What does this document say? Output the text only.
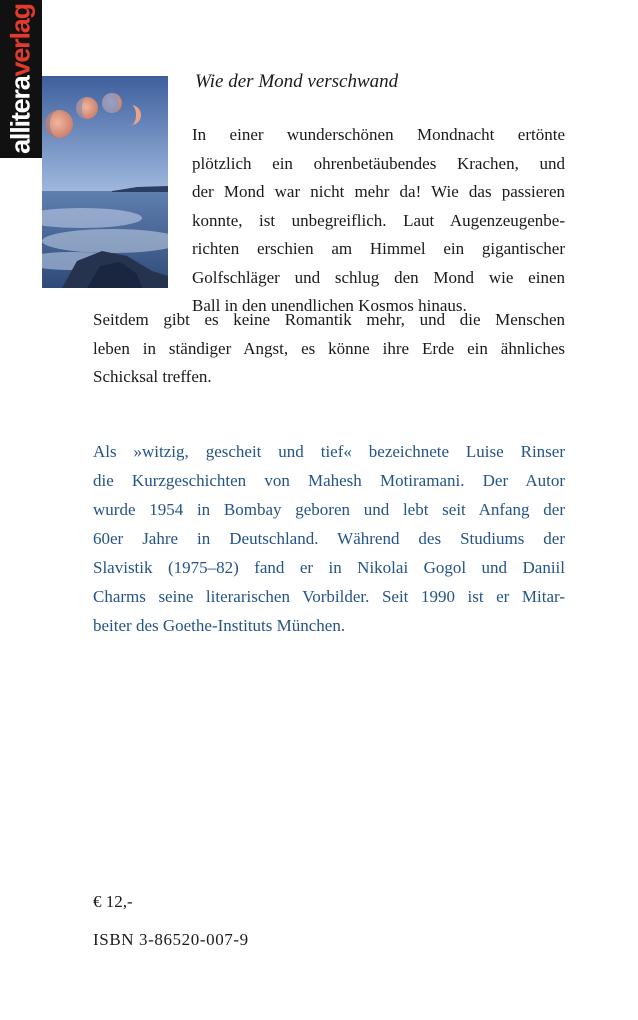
alliteraverlag
Wie der Mond verschwand
In einer wunderschönen Mondnacht ertönte
plötzlich ein ohrenbetäubendes Krachen, und
der Mond war nicht mehr da! Wie das passieren
konnte, ist unbegreiflich. Laut Augenzeugenbe-
richten erschien am Himmel ein gigantischer
Golfschläger und schlug den Mond wie einen
Ball in den unendlichen Kosmos hinaus.
Seitdem gibt es keine Romantik mehr, und die Menschen
leben in ständiger Angst, es könne ihre Erde ein ähnliches
Schicksal treffen.
Als »witzig, gescheit und tief« bezeichnete Luise Rinser
die Kurzgeschichten von Mahesh Motiramani. Der Autor
wurde 1954 in Bombay geboren und lebt seit Anfang der
60er Jahre in Deutschland. Während des Studiums der
Slavistik (1975–82) fand er in Nikolai Gogol und Daniil
Charms seine literarischen Vorbilder. Seit 1990 ist er Mitar-
beiter des Goethe-Instituts München.
€ 12,-
ISBN 3-86520-007-9
